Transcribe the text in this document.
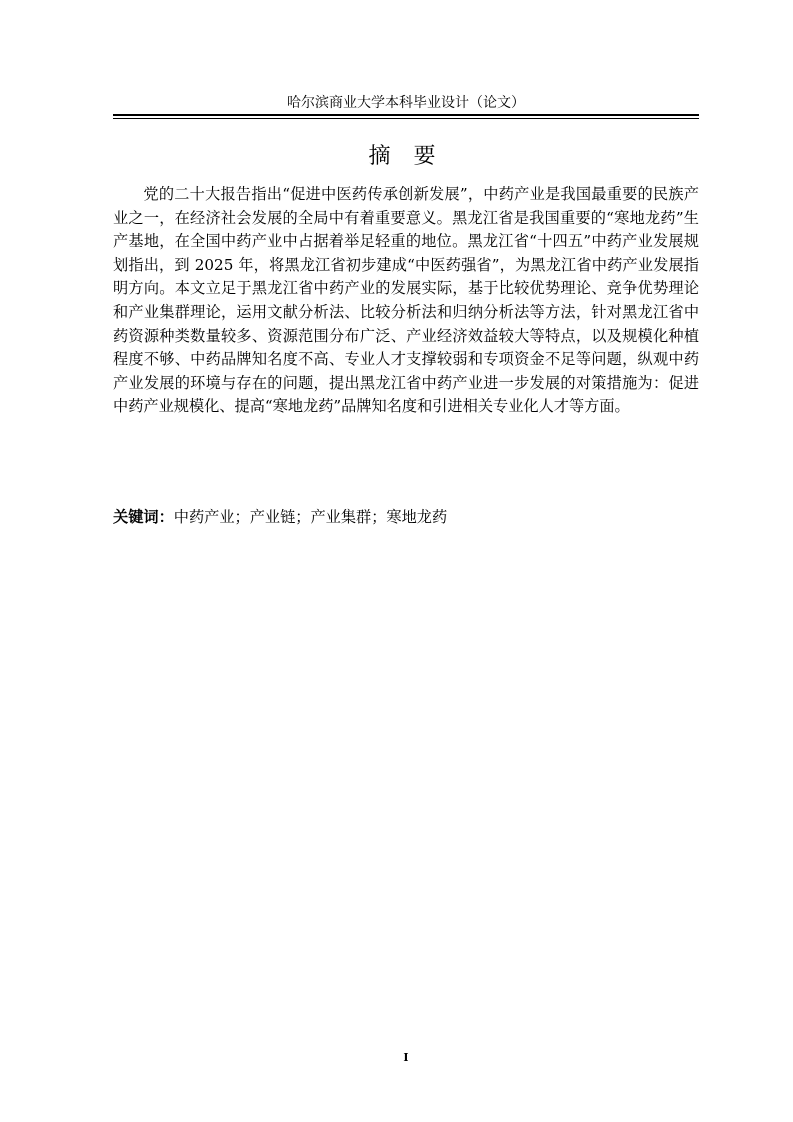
哈尔滨商业大学本科毕业设计（论文）
摘 要

党的二十大报告指出“促进中医药传承创新发展”，中药产业是我国最重要的民族产业之一，在经济社会发展的全局中有着重要意义。黑龙江省是我国重要的“寒地龙药”生产基地，在全国中药产业中占据着举足轻重的地位。黑龙江省“十四五”中药产业发展规划指出，到 2025 年，将黑龙江省初步建成“中医药强省”，为黑龙江省中药产业发展指明方向。本文立足于黑龙江省中药产业的发展实际，基于比较优势理论、竞争优势理论和产业集群理论，运用文献分析法、比较分析法和归纳分析法等方法，针对黑龙江省中药资源种类数量较多、资源范围分布广泛、产业经济效益较大等特点，以及规模化种植程度不够、中药品牌知名度不高、专业人才支撑较弱和专项资金不足等问题，纵观中药产业发展的环境与存在的问题，提出黑龙江省中药产业进一步发展的对策措施为：促进中药产业规模化、提高“寒地龙药”品牌知名度和引进相关专业化人才等方面。

关键词：中药产业；产业链；产业集群；寒地龙药
I
